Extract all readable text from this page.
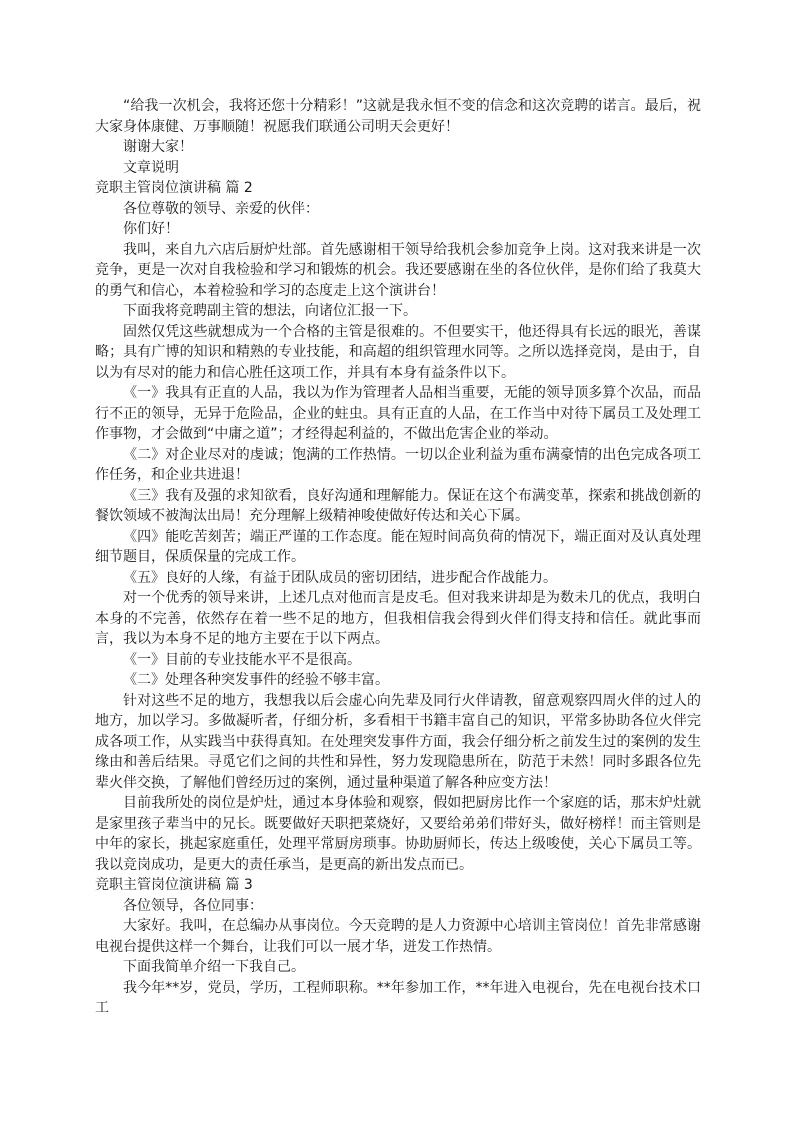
“给我一次机会，我将还您十分精彩！”这就是我永恒不变的信念和这次竞聘的诺言。最后，祝大家身体康健、万事顺随！祝愿我们联通公司明天会更好！

谢谢大家！

文章说明

竞职主管岗位演讲稿 篇 2

各位尊敬的领导、亲爱的伙伴：

你们好！

我叫，来自九六店后厨炉灶部。首先感谢相干领导给我机会参加竞争上岗。这对我来讲是一次竞争，更是一次对自我检验和学习和锻炼的机会。我还要感谢在坐的各位伙伴，是你们给了我莫大的勇气和信心，本着检验和学习的态度走上这个演讲台！

下面我将竞聘副主管的想法，向诸位汇报一下。

固然仅凭这些就想成为一个合格的主管是很难的。不但要实干，他还得具有长远的眼光，善谋略；具有广博的知识和精熟的专业技能，和高超的组织管理水同等。之所以选择竞岗，是由于，自以为有尽对的能力和信心胜任这项工作，并具有本身有益条件以下。

《一》我具有正直的人品，我以为作为管理者人品相当重要，无能的领导顶多算个次品，而品行不正的领导，无异于危险品，企业的蛀虫。具有正直的人品，在工作当中对待下属员工及处理工作事物，才会做到“中庸之道”；才经得起利益的，不做出危害企业的举动。

《二》对企业尽对的虔诚；饱满的工作热情。一切以企业利益为重布满豪情的出色完成各项工作任务，和企业共进退！

《三》我有及强的求知欲看，良好沟通和理解能力。保证在这个布满变革，探索和挑战创新的餐饮领域不被淘汰出局！充分理解上级精神唆使做好传达和关心下属。

《四》能吃苦刻苦；端正严谨的工作态度。能在短时间高负荷的情况下，端正面对及认真处理细节题目，保质保量的完成工作。

《五》良好的人缘，有益于团队成员的密切团结，进步配合作战能力。

对一个优秀的领导来讲，上述几点对他而言是皮毛。但对我来讲却是为数未几的优点，我明白本身的不完善，依然存在着一些不足的地方，但我相信我会得到火伴们得支持和信任。就此事而言，我以为本身不足的地方主要在于以下两点。

《一》目前的专业技能水平不是很高。

《二》处理各种突发事件的经验不够丰富。

针对这些不足的地方，我想我以后会虚心向先辈及同行火伴请教，留意观察四周火伴的过人的地方，加以学习。多做凝听者，仔细分析，多看相干书籍丰富自己的知识，平常多协助各位火伴完成各项工作，从实践当中获得真知。在处理突发事件方面，我会仔细分析之前发生过的案例的发生缘由和善后结果。寻觅它们之间的共性和异性，努力发现隐患所在，防范于未然！同时多跟各位先辈火伴交换，了解他们曾经历过的案例，通过量种渠道了解各种应变方法！

目前我所处的岗位是炉灶，通过本身体验和观察，假如把厨房比作一个家庭的话，那末炉灶就是家里孩子辈当中的兄长。既要做好天职把菜烧好，又要给弟弟们带好头，做好榜样！而主管则是中年的家长，挑起家庭重任，处理平常厨房琐事。协助厨师长，传达上级唆使，关心下属员工等。我以竞岗成功，是更大的责任承当，是更高的新出发点而已。

竞职主管岗位演讲稿 篇 3

各位领导，各位同事：

大家好。我叫，在总编办从事岗位。今天竞聘的是人力资源中心培训主管岗位！首先非常感谢电视台提供这样一个舞台，让我们可以一展才华，迸发工作热情。

下面我简单介绍一下我自己。

我今年**岁，党员，学历，工程师职称。**年参加工作，**年进入电视台，先在电视台技术口工
